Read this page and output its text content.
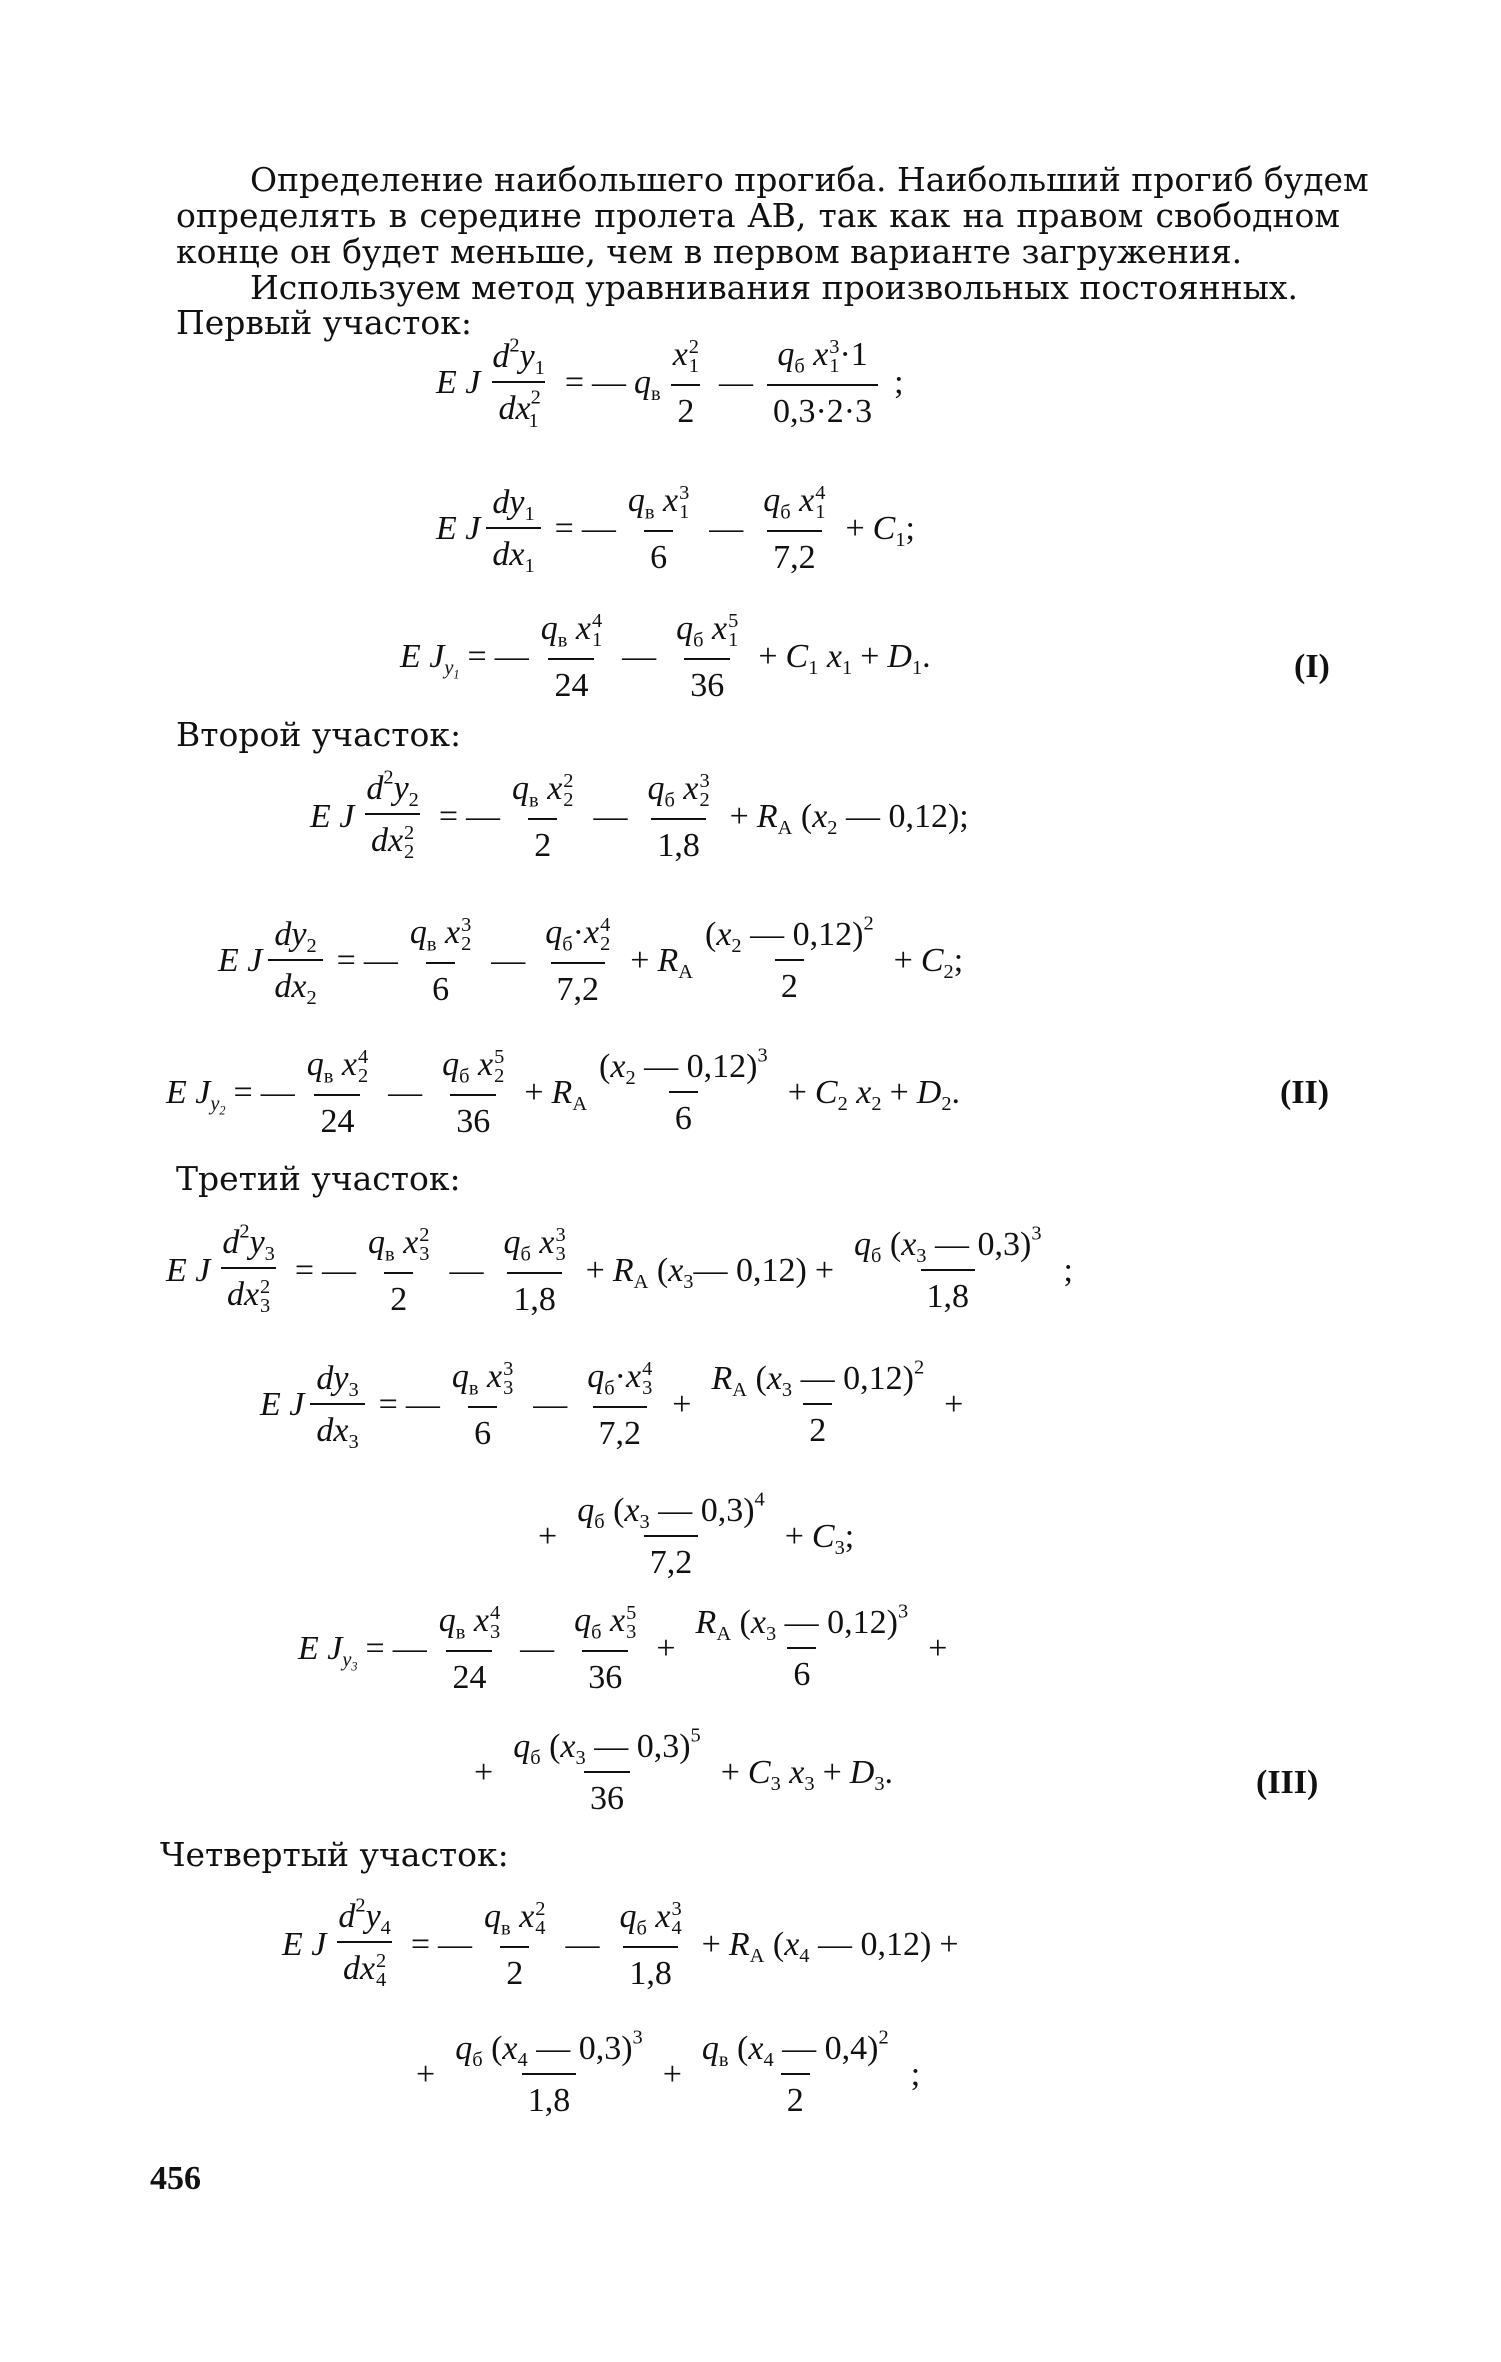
Определение наибольшего прогиба. Наибольший прогиб будем
определять в середине пролета AB, так как на правом свободном
конце он будет меньше, чем в первом варианте загружения.
Используем метод уравнивания произвольных постоянных.
Первый участок:
E J $\frac{d^2y_1}{dx^2_1}$ = — $q_в$ x 2
1
2 — $q_б$ x 3
1 ·1
0,3·2·3 ;
E J $\frac{dy_1}{dx_1}$ = — $q_в$ x 3
1
6 — $q_б$ x 4
1
$7,2 + C_1$;
E $J_{y_1}$ = — $q_в$ x 4
1
24 — $q_б$ x 5
1
$36 + C_1$ $x_1 + D_1$.	(I)
Второй участок:
E J $d^2y_2$
dx 2
2 = — $q_в$ x 2
2
2 — $q_б$ x 3
2
$1,8 + R_A$ ($x_2$ — 0,12);
E J $\frac{dy_2}{dx_2}$ = — $q_в$ x 3
2
6 — $q_б\cdot x$ 4
2
$7,2 + R_A \frac{(x_2 — 0,12)^2}{2} + C_2$;
E $J_{y_2}$ = — $q_в$ x 4
2
24 — $q_б$ x 5
2
$36 + R_A \frac{(x_2 — 0,12)^3}{6} + C_2$ $x_2 + D_2$.	(II)
Третий участок:
E J $d^2y_3$
dx 2
3 = — $q_в$ x 2
3
2 — $q_б$ x 3
3
$1,8 + R_A$ ($x_3—$ $0,12) + \frac{q_б (x_3 — 0,3)^3}{1,8}$ ;
E J $\frac{dy_3}{dx_3}$ = — $q_в$ x 3
3
6 — $q_б\cdot x$ 4
3
$7,2 + \frac{R_A (x_3 — 0,12)^2}{2}$ +
+ $\frac{q_б (x_3 — 0,3)^4}{7,2} + C_3$;
E $J_{y_3}$ = — $q_в$ x 4
3
24 — $q_б$ x 5
3
$36 + \frac{R_A (x_3 — 0,12)^3}{6}$ +
+ $\frac{q_б (x_3 — 0,3)^5}{36} + C_3$ $x_3 + D_3$.	(III)
Четвертый участок:
E J $d^2y_4$
dx 2
4 = — $q_в$ x 2
4
2 — $q_б$ x 3
4
$1,8 + R_A$ ($x_4$ — 0,12) +
+ $\frac{q_б (x_4 — 0,3)^3}{1,8} + \frac{q_в (x_4 — 0,4)^2}{2}$ ;
456
